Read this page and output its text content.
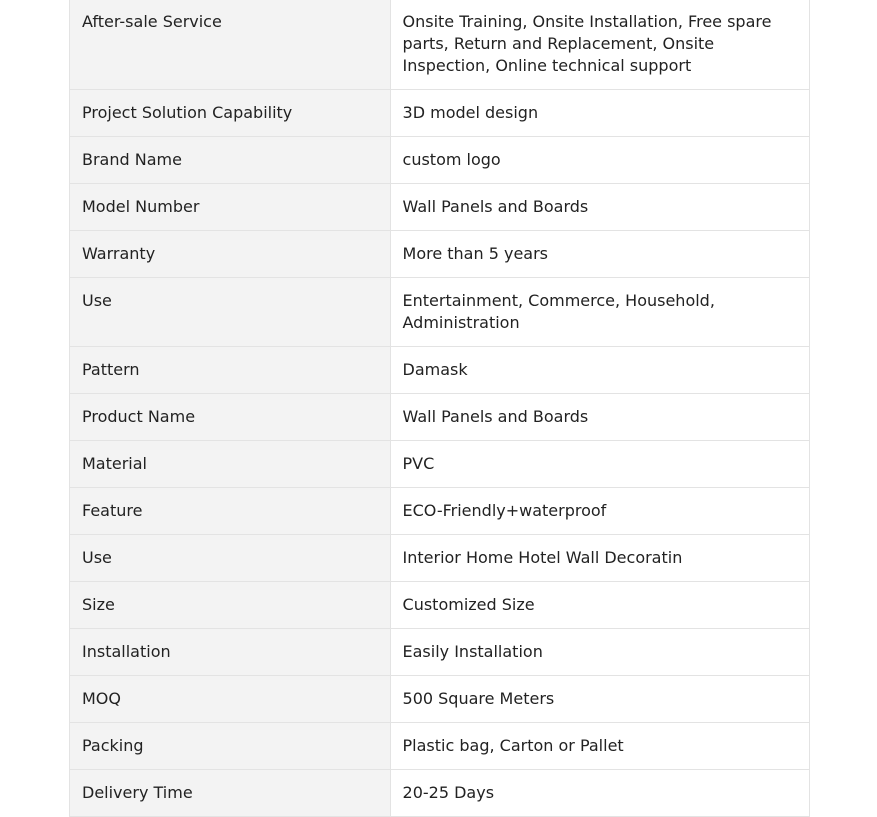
After-sale Service	Onsite Training, Onsite Installation, Free spare parts, Return and Replacement, Onsite Inspection, Online technical support
Project Solution Capability	3D model design
Brand Name	custom logo
Model Number	Wall Panels and Boards
Warranty	More than 5 years
Use	Entertainment, Commerce, Household, Administration
Pattern	Damask
Product Name	Wall Panels and Boards
Material	PVC
Feature	ECO-Friendly+waterproof
Use	Interior Home Hotel Wall Decoratin
Size	Customized Size
Installation	Easily Installation
MOQ	500 Square Meters
Packing	Plastic bag, Carton or Pallet
Delivery Time	20-25 Days
